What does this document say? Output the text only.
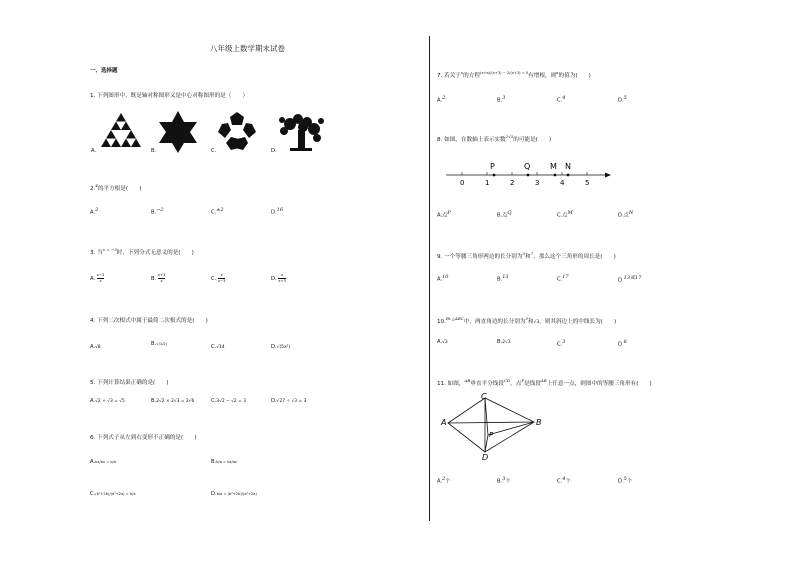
八年级上数学期末试卷
一、选择题
1. 下列图形中，既是轴对称图形又是中心对称图形的是（　　）
A.	B.	C.	D.
2.$^4$的平方根是(　　)
A.$^2$	B.$^{-2}$	C.$^{\pm 2}$	D.$^{16}$
3. 当$^{x = -3}$时，下列分式无意义的是(　　)
A. $\frac{x-3}{x}$	B. $\frac{x+3}{x}$	C. $\frac{x}{x-3}$	D. $\frac{x}{x+3}$
4. 下列二次根式中属于最简二次根式的是(　　)
A.√8
B.√(1/2)	C.√14	D.√(5x²)
5. 下列计算结果正确的是(　　)
A.√2 + √3 = √5	B.2√2 × 2√3 = 2√6	C.3√2 − √2 = 3	D.√27 ÷ √3 = 3
6. 下列式子从左到右变形不正确的是(　　)
A.bx/ax = b/a	B.b/a = bx/ax
C.(b²+2b)/(a²+2a) = b/a	D.b/a = (b²+2b)/(a²+2a)
7. 若关于$^x$的方程$^{(x+a)/(x+3) - 2/(x+3) = 0}$有增根，则$^a$的值为(　　)
A.$^2$	B.$^3$	C.$^4$	D.$^5$
8. 如图，在数轴上表示实数$^{2√5}$的可能是(　　)
0	1	2	3	4	5
P	Q M N
A.点$^P$	B.点$^Q$	C.点$^M$	D.点$^N$
9. 一个等腰三角形两边的长分别为$^3$和$^7$，那么这个三角形的周长是(　　)
A.$^{10}$	B.$^{13}$	C.$^{17}$
D.$^{13或17}$
10.$^{Rt \triangle ABC}$中，两直角边的长分别为$^3$和√3，则其斜边上的中线长为(　　)
A.√3	B.2√3	C.$^3$	D.$^6$
11. 如图，$^{AB}$垂直平分线段$^{CD}$，点$^P$是线段$^{AB}$上任意一点，则图中的等腰三角形有(　　)
A	B
C
D
P
A.$^2$个	B.$^3$个	C.$^4$个	D.$^5$个
